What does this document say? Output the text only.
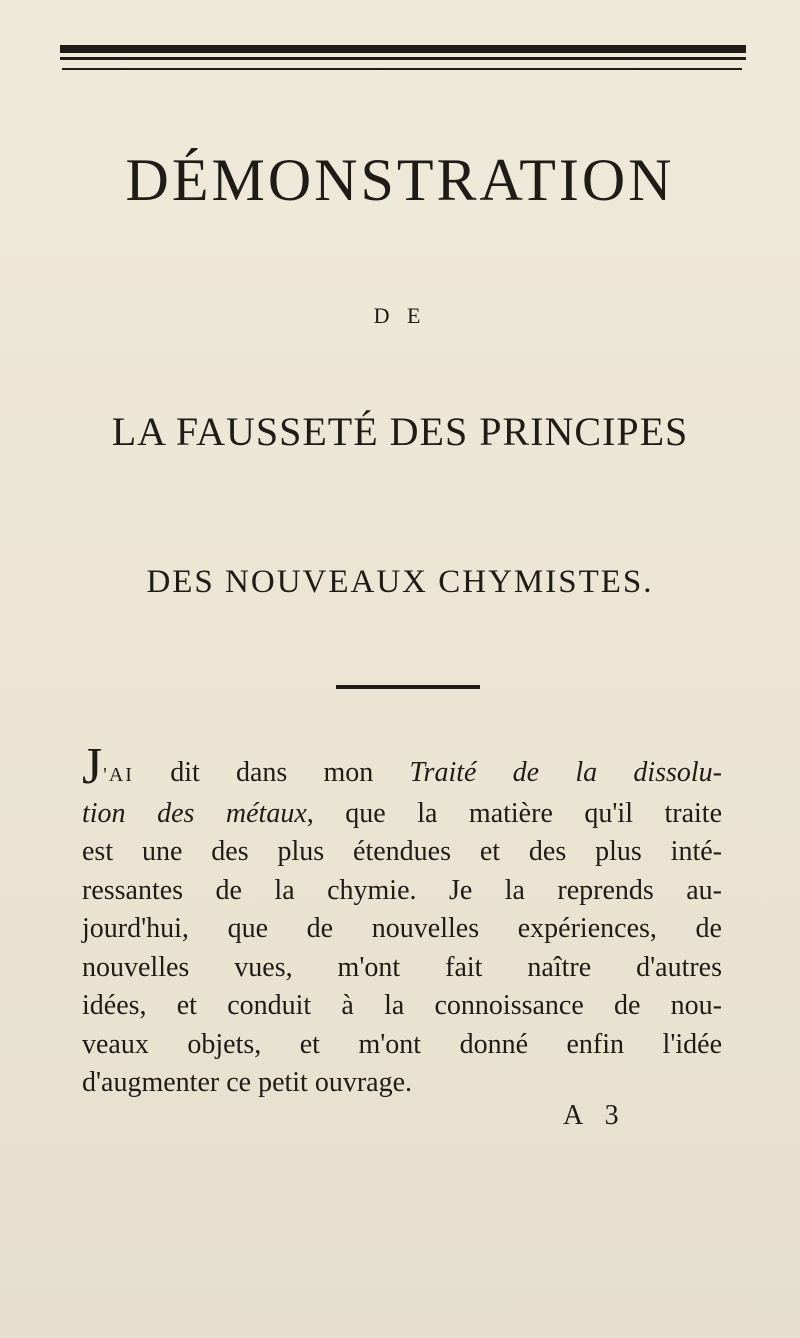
DÉMONSTRATION
D E
LA FAUSSETÉ DES PRINCIPES
DES NOUVEAUX CHYMISTES.
J'AI dit dans mon Traité de la dissolu-
tion des métaux, que la matière qu'il traite
est une des plus étendues et des plus inté-
ressantes de la chymie. Je la reprends au-
jourd'hui, que de nouvelles expériences, de
nouvelles vues, m'ont fait naître d'autres
idées, et conduit à la connoissance de nou-
veaux objets, et m'ont donné enfin l'idée
d'augmenter ce petit ouvrage.
A 3
